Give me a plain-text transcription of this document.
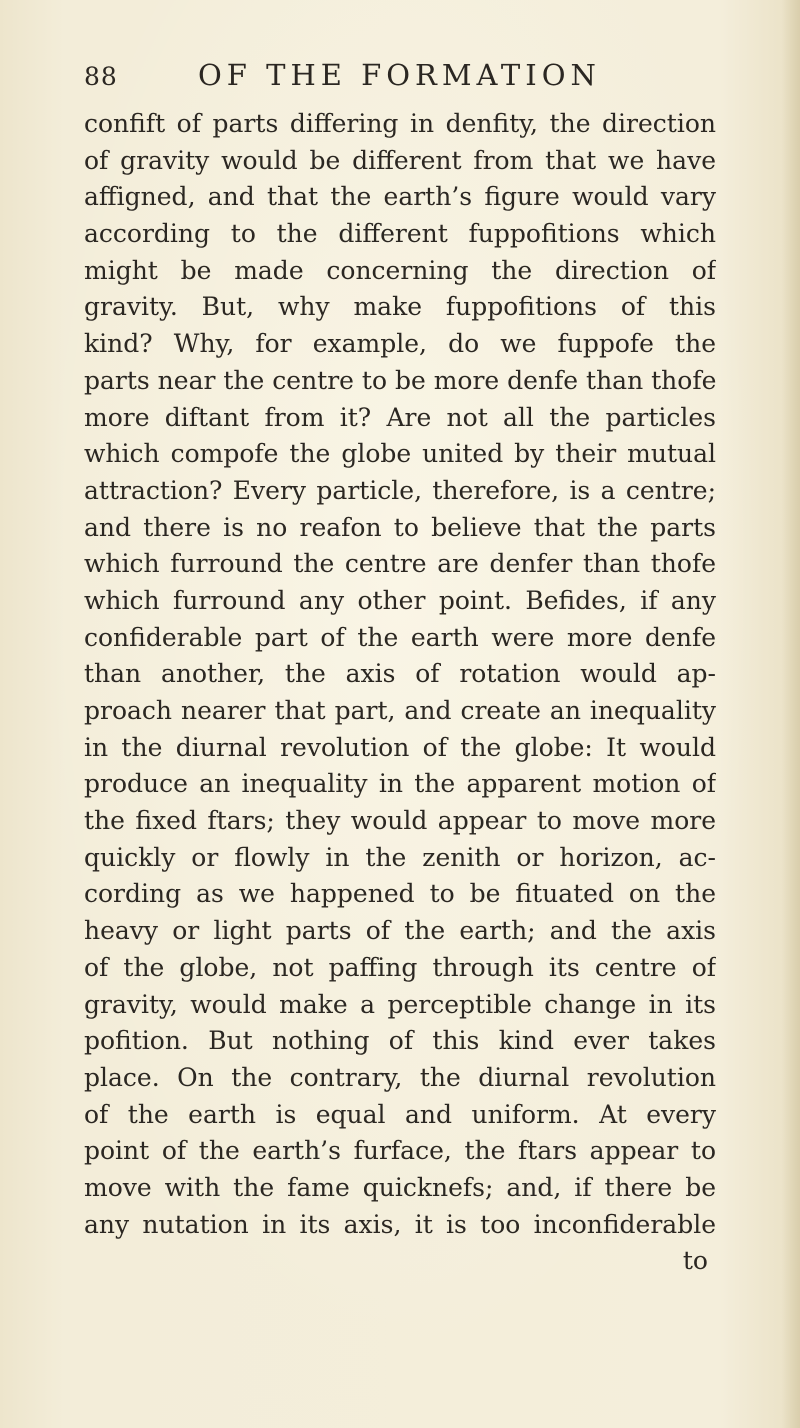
88	OF THE FORMATION
confift of parts differing in denfity, the direction
of gravity would be different from that we have
affigned, and that the earth’s figure would vary
according to the different fuppofitions which
might be made concerning the direction of
gravity. But, why make fuppofitions of this
kind? Why, for example, do we fuppofe the
parts near the centre to be more denfe than thofe
more diftant from it? Are not all the particles
which compofe the globe united by their mutual
attraction? Every particle, therefore, is a centre;
and there is no reafon to believe that the parts
which furround the centre are denfer than thofe
which furround any other point. Befides, if any
confiderable part of the earth were more denfe
than another, the axis of rotation would ap-
proach nearer that part, and create an inequality
in the diurnal revolution of the globe: It would
produce an inequality in the apparent motion of
the fixed ftars; they would appear to move more
quickly or flowly in the zenith or horizon, ac-
cording as we happened to be fituated on the
heavy or light parts of the earth; and the axis
of the globe, not paffing through its centre of
gravity, would make a perceptible change in its
pofition. But nothing of this kind ever takes
place. On the contrary, the diurnal revolution
of the earth is equal and uniform. At every
point of the earth’s furface, the ftars appear to
move with the fame quicknefs; and, if there be
any nutation in its axis, it is too inconfiderable
to
